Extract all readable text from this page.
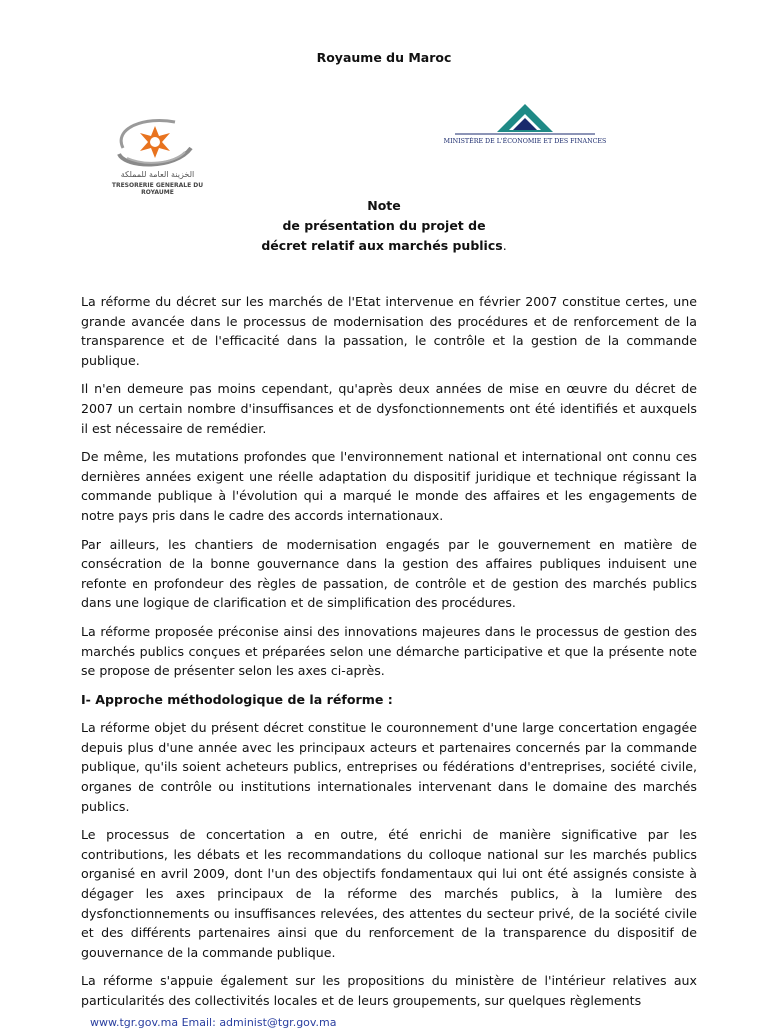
Royaume du Maroc
الخزينة العامة للمملكة
TRESORERIE GENERALE DU ROYAUME
MINISTÈRE DE L'ÉCONOMIE ET DES FINANCES
Note
de présentation du projet de
décret relatif aux marchés publics.

La réforme du décret sur les marchés de l'Etat intervenue en février 2007 constitue certes, une grande avancée dans le processus de modernisation des procédures et de renforcement de la transparence et de l'efficacité dans la passation, le contrôle et la gestion de la commande publique.

Il n'en demeure pas moins cependant, qu'après deux années de mise en œuvre du décret de 2007 un certain nombre d'insuffisances et de dysfonctionnements ont été identifiés et auxquels il est nécessaire de remédier.

De même, les mutations profondes que l'environnement national et international ont connu ces dernières années exigent une réelle adaptation du dispositif juridique et technique régissant la commande publique à l'évolution qui a marqué le monde des affaires et les engagements de notre pays pris dans le cadre des accords internationaux.

Par ailleurs, les chantiers de modernisation engagés par le gouvernement en matière de consécration de la bonne gouvernance dans la gestion des affaires publiques induisent une refonte en profondeur des règles de passation, de contrôle et de gestion des marchés publics dans une logique de clarification et de simplification des procédures.

La réforme proposée préconise ainsi des innovations majeures dans le processus de gestion des marchés publics conçues et préparées selon une démarche participative et que la présente note se propose de présenter selon les axes ci-après.

I- Approche méthodologique de la réforme :

La réforme objet du présent décret constitue le couronnement d'une large concertation engagée depuis plus d'une année avec les principaux acteurs et partenaires concernés par la commande publique, qu'ils soient acheteurs publics, entreprises ou fédérations d'entreprises, société civile, organes de contrôle ou institutions internationales intervenant dans le domaine des marchés publics.

Le processus de concertation a en outre, été enrichi de manière significative par les contributions, les débats et les recommandations du colloque national sur les marchés publics organisé en avril 2009, dont l'un des objectifs fondamentaux qui lui ont été assignés consiste à dégager les axes principaux de la réforme des marchés publics, à la lumière des dysfonctionnements ou insuffisances relevées, des attentes du secteur privé, de la société civile et des différents partenaires ainsi que du renforcement de la transparence du dispositif de gouvernance de la commande publique.

La réforme s'appuie également sur les propositions du ministère de l'intérieur relatives aux particularités des collectivités locales et de leurs groupements, sur quelques règlements

www.tgr.gov.ma Email: administ@tgr.gov.ma
